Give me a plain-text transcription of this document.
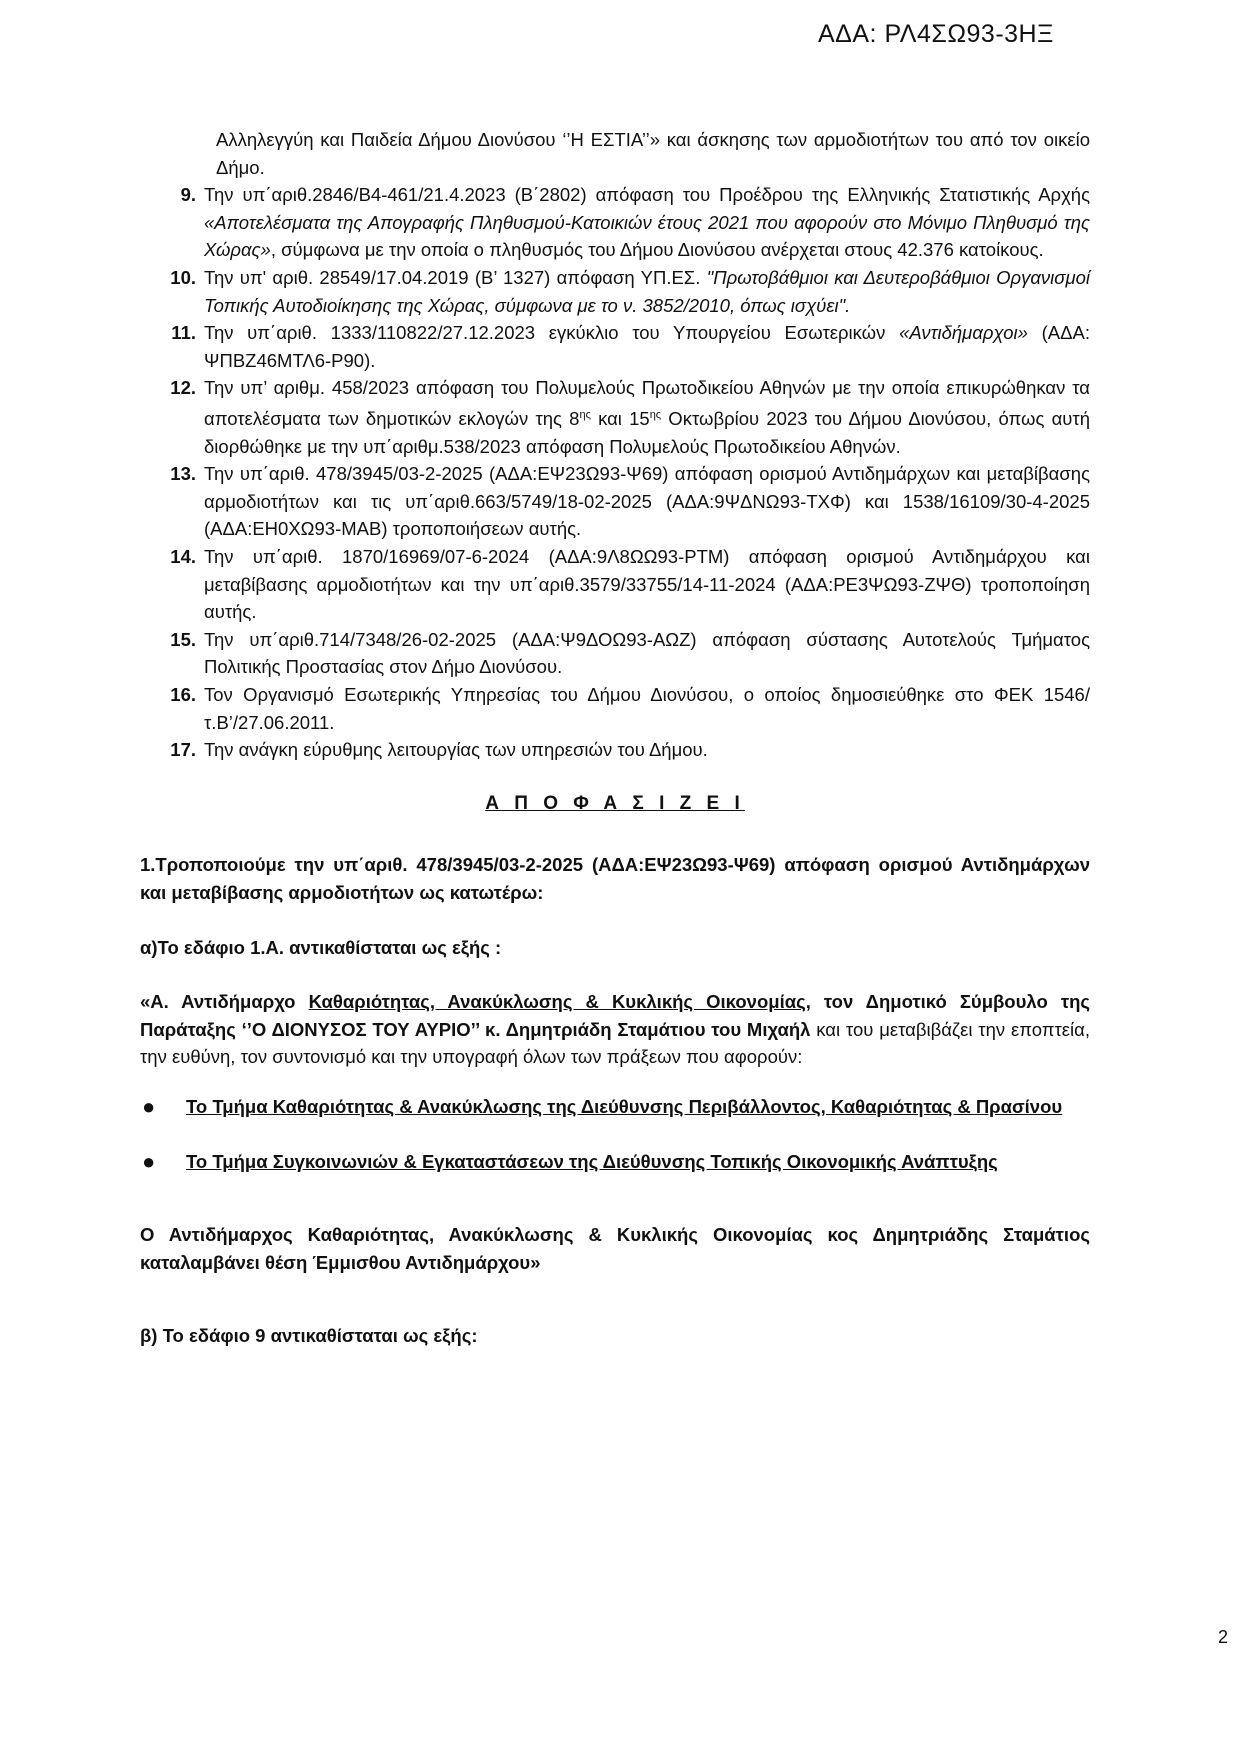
ΑΔΑ: ΡΛ4ΣΩ93-3ΗΞ
Αλληλεγγύη και Παιδεία Δήμου Διονύσου ‘’Η ΕΣΤΙΑ’’» και άσκησης των αρμοδιοτήτων του από τον οικείο Δήμο.
9. Την υπ΄αριθ.2846/Β4-461/21.4.2023 (Β΄2802) απόφαση του Προέδρου της Ελληνικής Στατιστικής Αρχής «Αποτελέσματα της Απογραφής Πληθυσμού-Κατοικιών έτους 2021 που αφορούν στο Μόνιμο Πληθυσμό της Χώρας», σύμφωνα με την οποία ο πληθυσμός του Δήμου Διονύσου ανέρχεται στους 42.376 κατοίκους.
10. Την υπ' αριθ. 28549/17.04.2019 (Β’ 1327) απόφαση ΥΠ.ΕΣ. "Πρωτοβάθμιοι και Δευτεροβάθμιοι Οργανισμοί Τοπικής Αυτοδιοίκησης της Χώρας, σύμφωνα με το ν. 3852/2010, όπως ισχύει".
11. Την υπ΄αριθ. 1333/110822/27.12.2023 εγκύκλιο του Υπουργείου Εσωτερικών «Αντιδήμαρχοι» (ΑΔΑ: ΨΠΒΖ46ΜΤΛ6-Ρ90).
12. Την υπ’ αριθμ. 458/2023 απόφαση του Πολυμελούς Πρωτοδικείου Αθηνών με την οποία επικυρώθηκαν τα αποτελέσματα των δημοτικών εκλογών της $8^{\eta\varsigma}$ και $15^{\eta\varsigma}$ Οκτωβρίου 2023 του Δήμου Διονύσου, όπως αυτή διορθώθηκε με την υπ΄αριθμ.538/2023 απόφαση Πολυμελούς Πρωτοδικείου Αθηνών.
13. Την υπ΄αριθ. 478/3945/03-2-2025 (ΑΔΑ:ΕΨ23Ω93-Ψ69) απόφαση ορισμού Αντιδημάρχων και μεταβίβασης αρμοδιοτήτων και τις υπ΄αριθ.663/5749/18-02-2025 (ΑΔΑ:9ΨΔΝΩ93-ΤΧΦ) και 1538/16109/30-4-2025 (ΑΔΑ:ΕΗ0ΧΩ93-ΜΑΒ) τροποποιήσεων αυτής.
14. Την υπ΄αριθ. 1870/16969/07-6-2024 (ΑΔΑ:9Λ8ΩΩ93-ΡΤΜ) απόφαση ορισμού Αντιδημάρχου και μεταβίβασης αρμοδιοτήτων και την υπ΄αριθ.3579/33755/14-11-2024 (ΑΔΑ:ΡΕ3ΨΩ93-ΖΨΘ) τροποποίηση αυτής.
15. Την υπ΄αριθ.714/7348/26-02-2025 (ΑΔΑ:Ψ9ΔΟΩ93-ΑΩΖ) απόφαση σύστασης Αυτοτελούς Τμήματος Πολιτικής Προστασίας στον Δήμο Διονύσου.
16. Τον Οργανισμό Εσωτερικής Υπηρεσίας του Δήμου Διονύσου, ο οποίος δημοσιεύθηκε στο ΦΕΚ 1546/τ.Β’/27.06.2011.
17. Την ανάγκη εύρυθμης λειτουργίας των υπηρεσιών του Δήμου.
Α Π Ο Φ Α Σ Ι Ζ Ε Ι
1.Τροποποιούμε την υπ΄αριθ. 478/3945/03-2-2025 (ΑΔΑ:ΕΨ23Ω93-Ψ69) απόφαση ορισμού Αντιδημάρχων και μεταβίβασης αρμοδιοτήτων ως κατωτέρω:
α)Το εδάφιο 1.Α. αντικαθίσταται ως εξής :
«Α. Αντιδήμαρχο Καθαριότητας, Ανακύκλωσης & Κυκλικής Οικονομίας, τον Δημοτικό Σύμβουλο της Παράταξης ‘’Ο ΔΙΟΝΥΣΟΣ ΤΟΥ ΑΥΡΙΟ’’ κ. Δημητριάδη Σταμάτιου του Μιχαήλ και του μεταβιβάζει την εποπτεία, την ευθύνη, τον συντονισμό και την υπογραφή όλων των πράξεων που αφορούν:
●	Το Τμήμα Καθαριότητας & Ανακύκλωσης της Διεύθυνσης Περιβάλλοντος, Καθαριότητας & Πρασίνου
●	Το Τμήμα Συγκοινωνιών & Εγκαταστάσεων της Διεύθυνσης Τοπικής Οικονομικής Ανάπτυξης
Ο Αντιδήμαρχος Καθαριότητας, Ανακύκλωσης & Κυκλικής Οικονομίας κος Δημητριάδης Σταμάτιος καταλαμβάνει θέση Έμμισθου Αντιδημάρχου»
β) Το εδάφιο 9 αντικαθίσταται ως εξής:
2
